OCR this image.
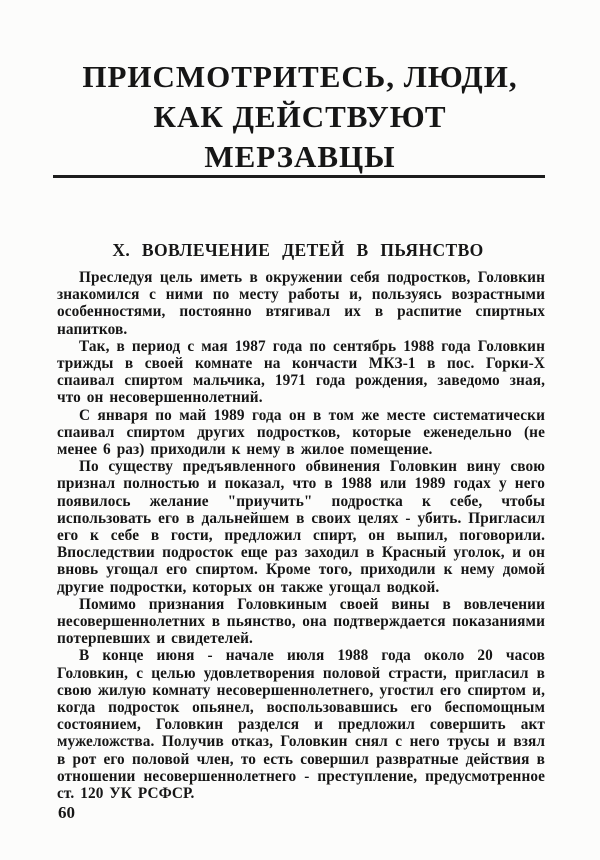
ПРИСМОТРИТЕСЬ, ЛЮДИ,
КАК ДЕЙСТВУЮТ
МЕРЗАВЦЫ
X. ВОВЛЕЧЕНИЕ ДЕТЕЙ В ПЬЯНСТВО

Преследуя цель иметь в окружении себя подростков, Головкин знакомился с ними по месту работы и, пользуясь возрастными особенностями, постоянно втягивал их в распитие спиртных напитков.

Так, в период с мая 1987 года по сентябрь 1988 года Головкин трижды в своей комнате на кончасти МКЗ-1 в пос. Горки-Х спаивал спиртом мальчика, 1971 года рождения, заведомо зная, что он несовершеннолетний.

С января по май 1989 года он в том же месте систематически спаивал спиртом других подростков, которые еженедельно (не менее 6 раз) приходили к нему в жилое помещение.

По существу предъявленного обвинения Головкин вину свою признал полностью и показал, что в 1988 или 1989 годах у него появилось желание "приучить" подростка к себе, чтобы использовать его в дальнейшем в своих целях - убить. Пригласил его к себе в гости, предложил спирт, он выпил, поговорили. Впоследствии подросток еще раз заходил в Красный уголок, и он вновь угощал его спиртом. Кроме того, приходили к нему домой другие подростки, которых он также угощал водкой.

Помимо признания Головкиным своей вины в вовлечении несовершеннолетних в пьянство, она подтверждается показаниями потерпевших и свидетелей.

В конце июня - начале июля 1988 года около 20 часов Головкин, с целью удовлетворения половой страсти, пригласил в свою жилую комнату несовершеннолетнего, угостил его спиртом и, когда подросток опьянел, воспользовавшись его беспомощным состоянием, Головкин разделся и предложил совершить акт мужеложства. Получив отказ, Головкин снял с него трусы и взял в рот его половой член, то есть совершил развратные действия в отношении несовершеннолетнего - преступление, предусмотренное ст. 120 УК РСФСР.

60
